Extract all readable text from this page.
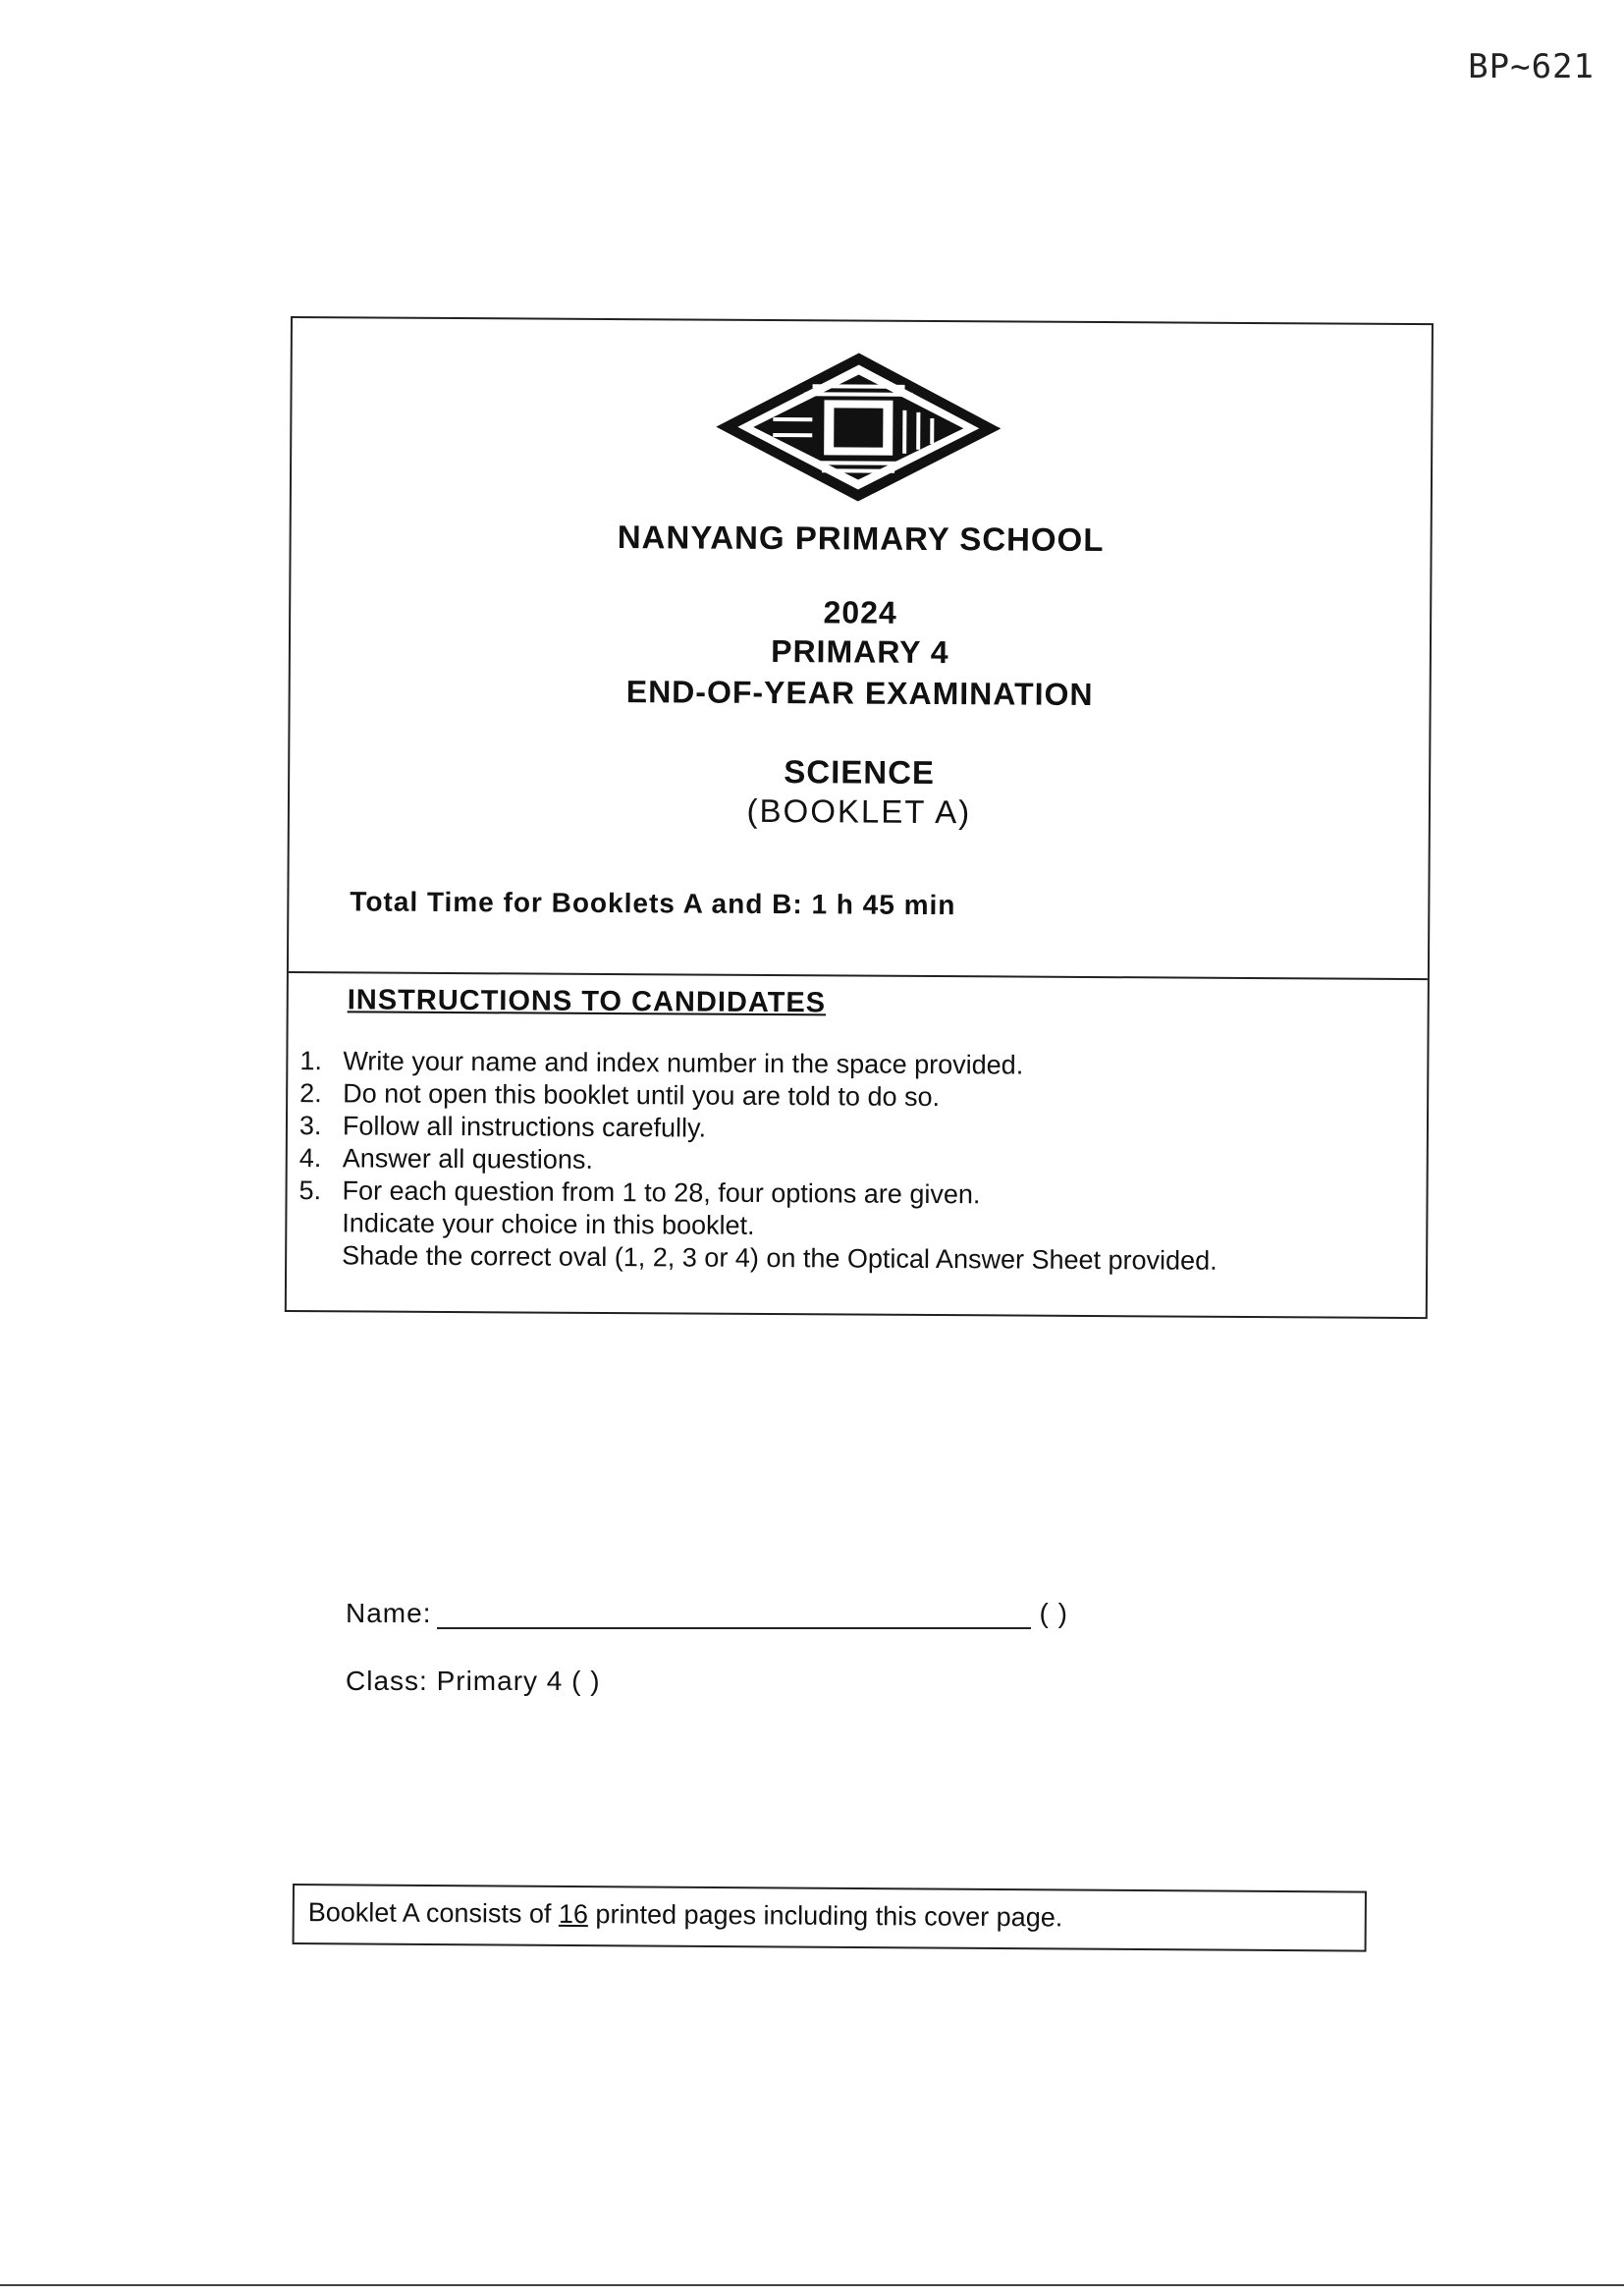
BP~621
NANYANG PRIMARY SCHOOL
2024
PRIMARY 4
END-OF-YEAR EXAMINATION
SCIENCE
(BOOKLET A)
Total Time for Booklets A and B: 1 h 45 min
INSTRUCTIONS TO CANDIDATES
1. Write your name and index number in the space provided.
2. Do not open this booklet until you are told to do so.
3. Follow all instructions carefully.
4. Answer all questions.
5. For each question from 1 to 28, four options are given.
Indicate your choice in this booklet.
Shade the correct oval (1, 2, 3 or 4) on the Optical Answer Sheet provided.
Name:	( )
Class: Primary 4 ( )
Booklet A consists of 16 printed pages including this cover page.
